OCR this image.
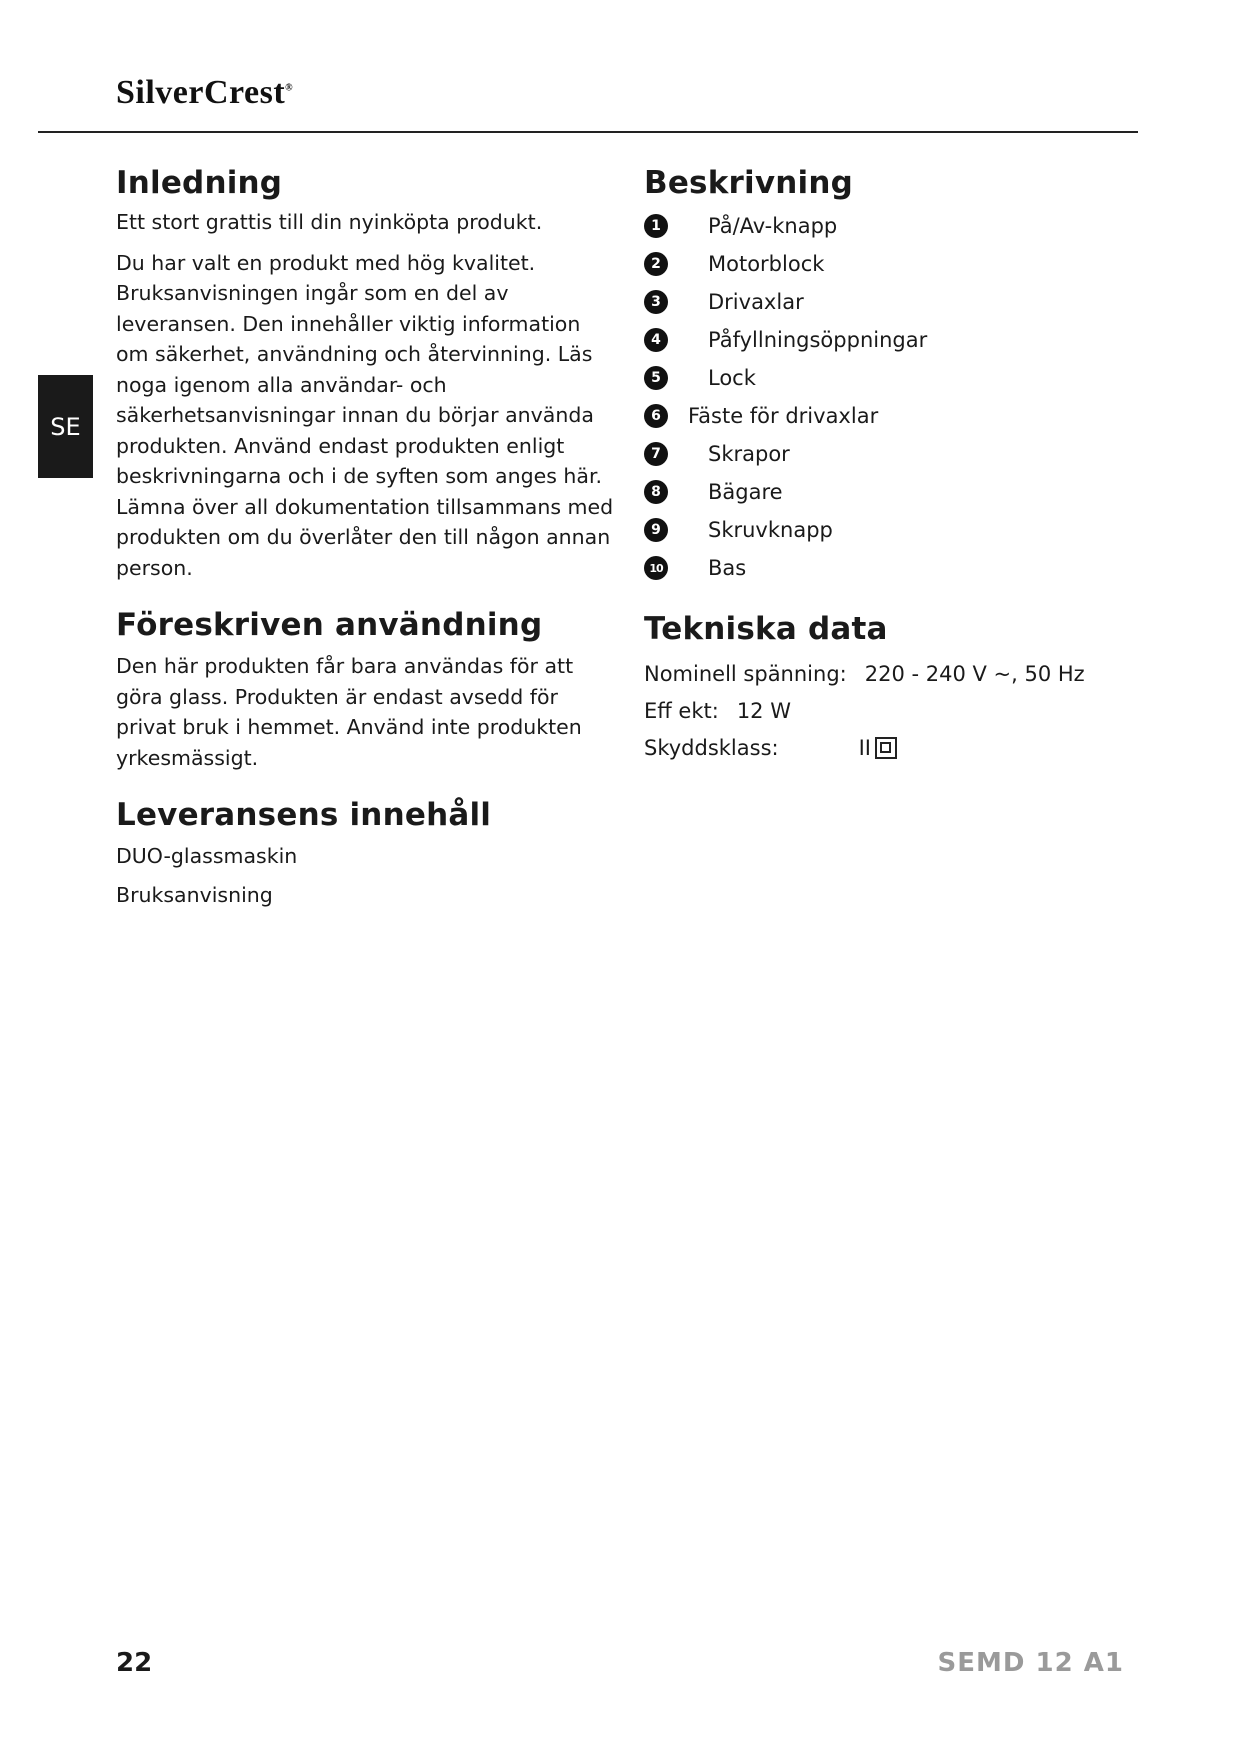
SilverCrest®
SE
Inledning

Ett stort grattis till din nyinköpta produkt.

Du har valt en produkt med hög kvalitet. Bruksanvisningen ingår som en del av leveransen. Den innehåller viktig information om säkerhet, användning och återvinning. Läs noga igenom alla användar- och säkerhetsanvisningar innan du börjar använda produkten. Använd endast produkten enligt beskrivningarna och i de syften som anges här. Lämna över all dokumentation tillsammans med produkten om du överlåter den till någon annan person.

Föreskriven användning

Den här produkten får bara användas för att göra glass. Produkten är endast avsedd för privat bruk i hemmet. Använd inte produkten yrkesmässigt.

Leveransens innehåll
DUO-glassmaskin
Bruksanvisning
Beskrivning
1	På/Av-knapp
2	Motorblock
3	Drivaxlar
4	Påfyllningsöppningar
5	Lock
6	Fäste för drivaxlar
7	Skrapor
8	Bägare
9	Skruvknapp
10 Bas
Tekniska data
Nominell spänning: 220 - 240 V ~, 50 Hz
Eff ekt: 12 W
Skyddsklass:	II
22	SEMD 12 A1
